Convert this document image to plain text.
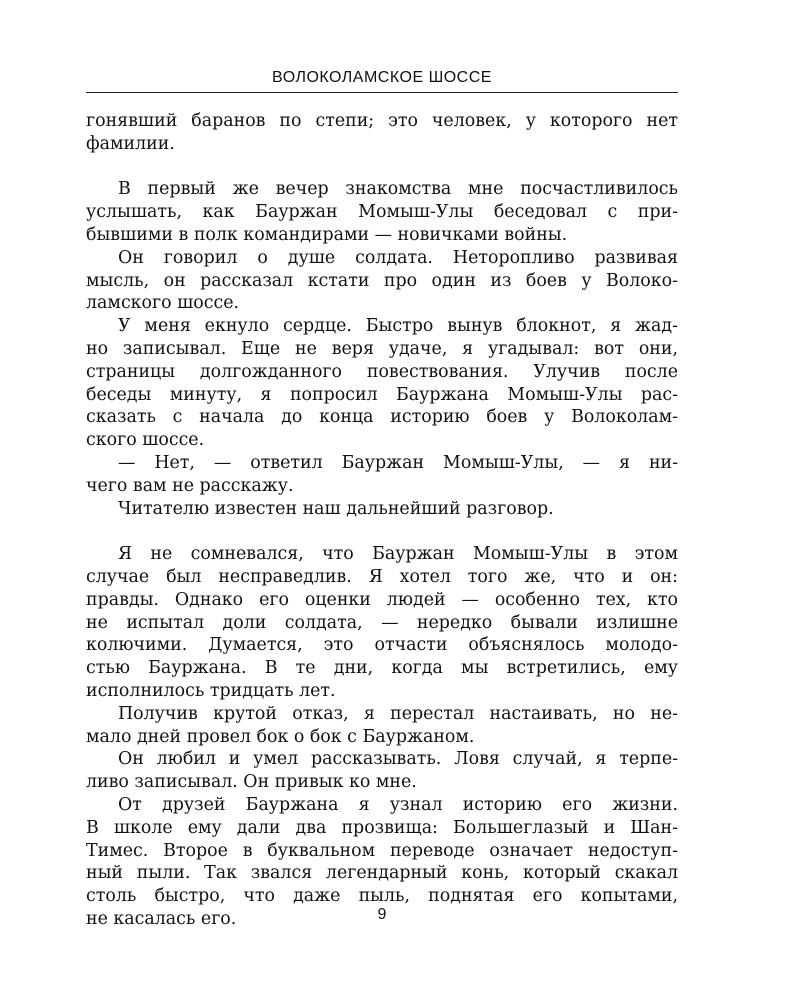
ВОЛОКОЛАМСКОЕ ШОССЕ
гонявший баранов по степи; это человек, у которого нет
фамилии.
В первый же вечер знакомства мне посчастливилось
услышать, как Бауржан Момыш-Улы беседовал с при-
бывшими в полк командирами — новичками войны.
Он говорил о душе солдата. Неторопливо развивая
мысль, он рассказал кстати про один из боев у Волоко-
ламского шоссе.
У меня екнуло сердце. Быстро вынув блокнот, я жад-
но записывал. Еще не веря удаче, я угадывал: вот они,
страницы долгожданного повествования. Улучив после
беседы минуту, я попросил Бауржана Момыш-Улы рас-
сказать с начала до конца историю боев у Волоколам-
ского шоссе.
— Нет, — ответил Бауржан Момыш-Улы, — я ни-
чего вам не расскажу.
Читателю известен наш дальнейший разговор.
Я не сомневался, что Бауржан Момыш-Улы в этом
случае был несправедлив. Я хотел того же, что и он:
правды. Однако его оценки людей — особенно тех, кто
не испытал доли солдата, — нередко бывали излишне
колючими. Думается, это отчасти объяснялось молодо-
стью Бауржана. В те дни, когда мы встретились, ему
исполнилось тридцать лет.
Получив крутой отказ, я перестал настаивать, но не-
мало дней провел бок о бок с Бауржаном.
Он любил и умел рассказывать. Ловя случай, я терпе-
ливо записывал. Он привык ко мне.
От друзей Бауржана я узнал историю его жизни.
В школе ему дали два прозвища: Большеглазый и Шан-
Тимес. Второе в буквальном переводе означает недоступ-
ный пыли. Так звался легендарный конь, который скакал
столь быстро, что даже пыль, поднятая его копытами,
не касалась его.	9
